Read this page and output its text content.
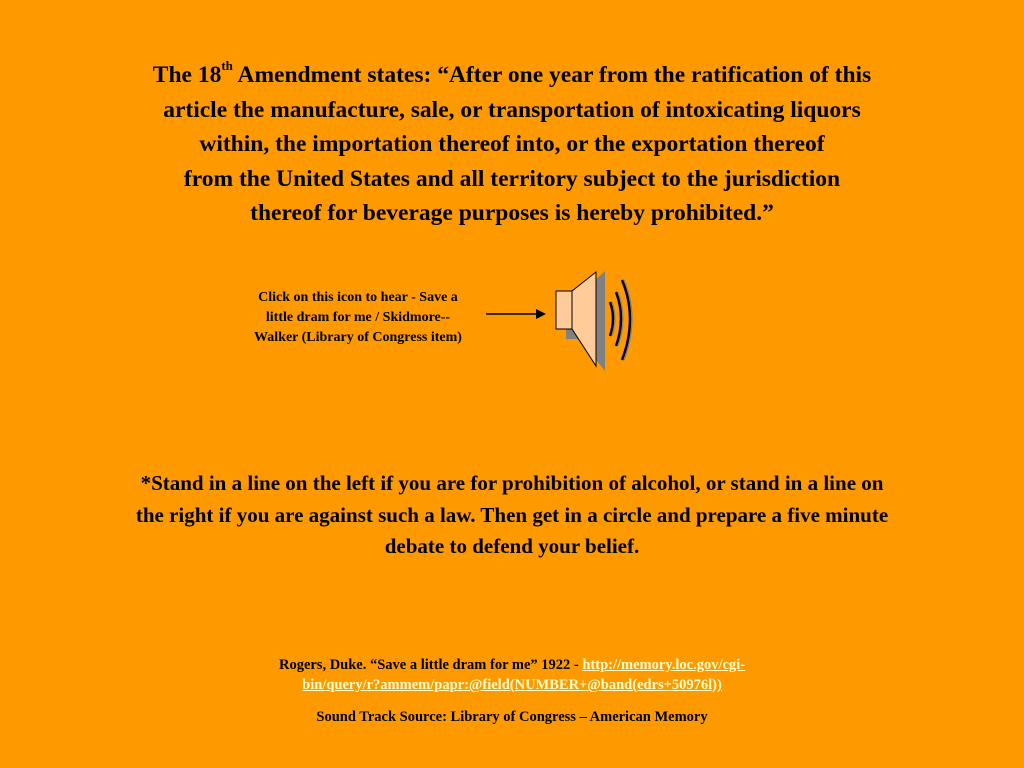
The 18th Amendment states: “After one year from the ratification of this
article the manufacture, sale, or transportation of intoxicating liquors
within, the importation thereof into, or the exportation thereof
from the United States and all territory subject to the jurisdiction
thereof for beverage purposes is hereby prohibited.”
Click on this icon to hear - Save a
little dram for me / Skidmore--
Walker (Library of Congress item)
*Stand in a line on the left if you are for prohibition of alcohol, or stand in a line on
the right if you are against such a law. Then get in a circle and prepare a five minute
debate to defend your belief.
Rogers, Duke. “Save a little dram for me” 1922 - http://memory.loc.gov/cgi-
bin/query/r?ammem/papr:@field(NUMBER+@band(edrs+50976l))
Sound Track Source: Library of Congress – American Memory
